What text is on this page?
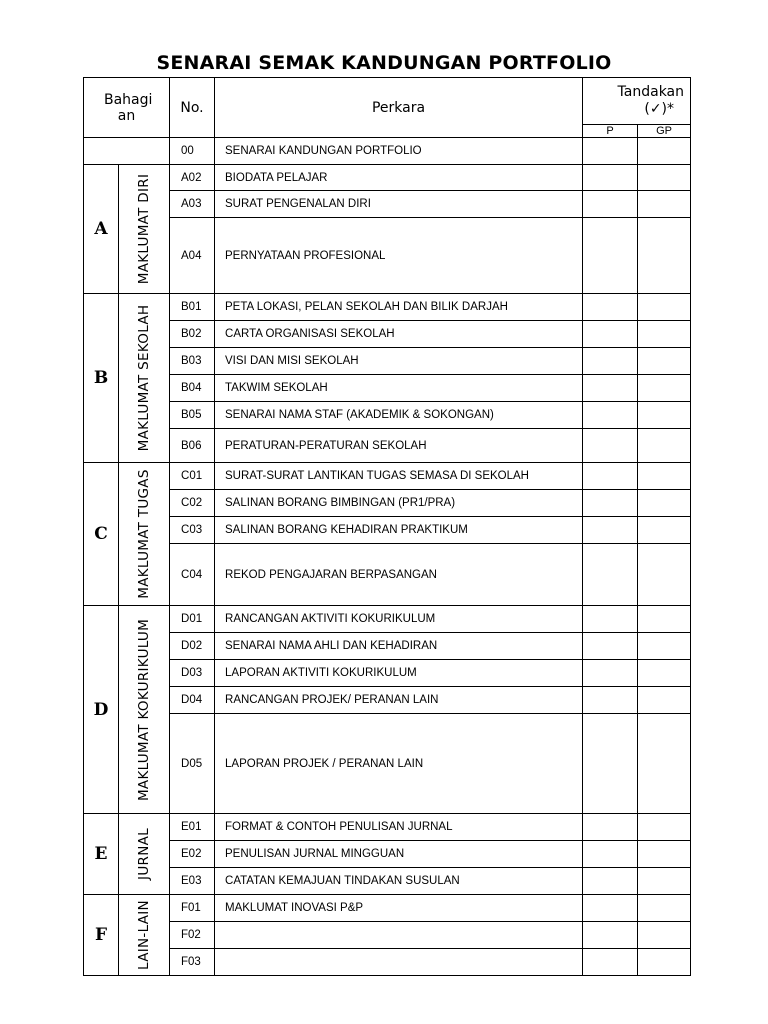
SENARAI SEMAK KANDUNGAN PORTFOLIO
Bahagi an		No.	Perkara	Tandakan
(✓)*	

				P	GP
		00	SENARAI KANDUNGAN PORTFOLIO		
A	MAKLUMAT DIRI	A02	BIODATA PELAJAR		
		A03	SURAT PENGENALAN DIRI		
		A04	PERNYATAAN PROFESIONAL		
B	MAKLUMAT SEKOLAH	B01	PETA LOKASI, PELAN SEKOLAH DAN BILIK DARJAH		
		B02	CARTA ORGANISASI SEKOLAH		
		B03	VISI DAN MISI SEKOLAH		
		B04	TAKWIM SEKOLAH		
		B05	SENARAI NAMA STAF (AKADEMIK & SOKONGAN)		
		B06	PERATURAN-PERATURAN SEKOLAH		
C	MAKLUMAT TUGAS	C01	SURAT-SURAT LANTIKAN TUGAS SEMASA DI SEKOLAH		
		C02	SALINAN BORANG BIMBINGAN (PR1/PRA)		
		C03	SALINAN BORANG KEHADIRAN PRAKTIKUM		
		C04	REKOD PENGAJARAN BERPASANGAN		
D	MAKLUMAT KOKURIKULUM	D01	RANCANGAN AKTIVITI KOKURIKULUM		
		D02	SENARAI NAMA AHLI DAN KEHADIRAN		
		D03	LAPORAN AKTIVITI KOKURIKULUM		
		D04	RANCANGAN PROJEK/ PERANAN LAIN		
		D05	LAPORAN PROJEK / PERANAN LAIN		
E	JURNAL	E01	FORMAT & CONTOH PENULISAN JURNAL		
		E02	PENULISAN JURNAL MINGGUAN		
		E03	CATATAN KEMAJUAN TINDAKAN SUSULAN		
F	LAIN-LAIN	F01	MAKLUMAT INOVASI P&P		
		F02			
		F03			
